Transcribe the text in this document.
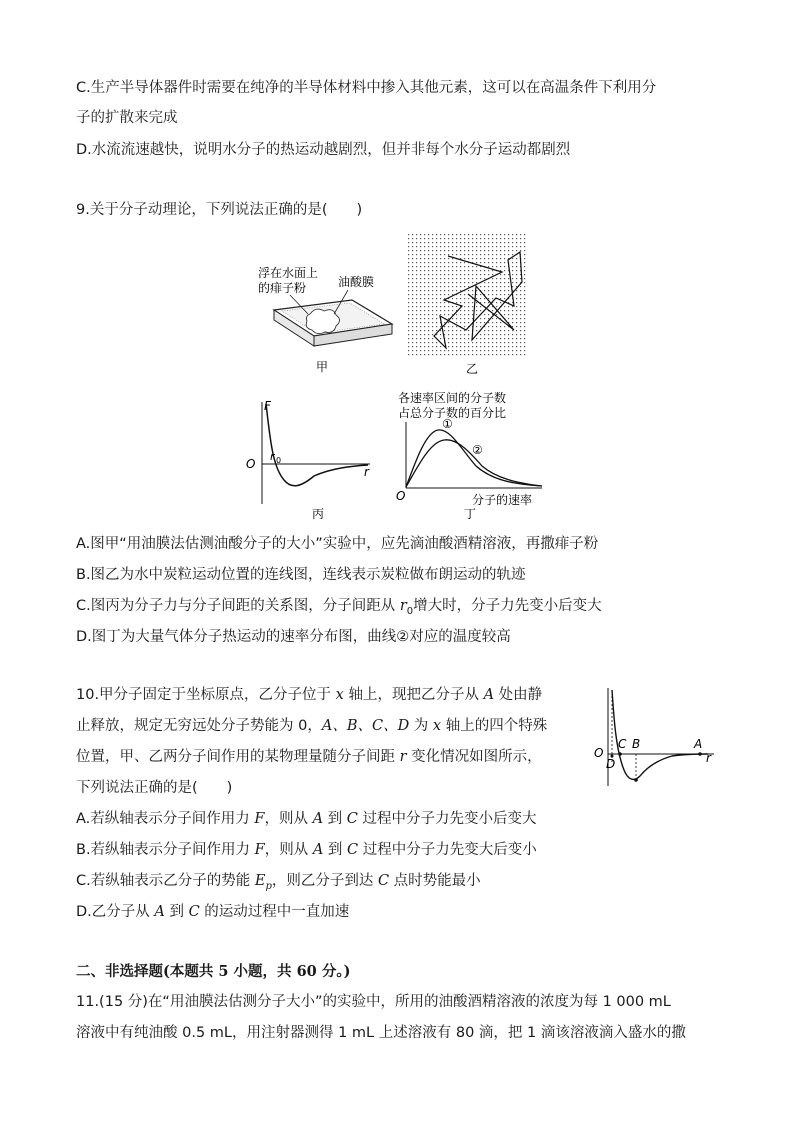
C.生产半导体器件时需要在纯净的半导体材料中掺入其他元素，这可以在高温条件下利用分
子的扩散来完成
D.水流流速越快，说明水分子的热运动越剧烈，但并非每个水分子运动都剧烈
9.关于分子动理论，下列说法正确的是(　　)
浮在水面上
的痱子粉	油酸膜
甲	乙
F
O
r 0
r
丙
各速率区间的分子数
占总分子数的百分比
①
②
O	分子的速率
丁
A.图甲“用油膜法估测油酸分子的大小”实验中，应先滴油酸酒精溶液，再撒痱子粉
B.图乙为水中炭粒运动位置的连线图，连线表示炭粒做布朗运动的轨迹
C.图丙为分子力与分子间距的关系图，分子间距从 $r_0$增大时，分子力先变小后变大
D.图丁为大量气体分子热运动的速率分布图，曲线②对应的温度较高
10.甲分子固定于坐标原点，乙分子位于 x 轴上，现把乙分子从 A 处由静
止释放，规定无穷远处分子势能为 0，A、B、C、D 为 x 轴上的四个特殊
位置，甲、乙两分子间作用的某物理量随分子间距 r 变化情况如图所示，
下列说法正确的是(　　)
O
C B	A
D	r
A.若纵轴表示分子间作用力 F，则从 A 到 C 过程中分子力先变小后变大
B.若纵轴表示分子间作用力 F，则从 A 到 C 过程中分子力先变大后变小
C.若纵轴表示乙分子的势能 $E_p$，则乙分子到达 C 点时势能最小
D.乙分子从 A 到 C 的运动过程中一直加速
二、非选择题(本题共 5 小题，共 60 分。)
11.(15 分)在“用油膜法估测分子大小”的实验中，所用的油酸酒精溶液的浓度为每 1 000 mL
溶液中有纯油酸 0.5 mL，用注射器测得 1 mL 上述溶液有 80 滴，把 1 滴该溶液滴入盛水的撒
